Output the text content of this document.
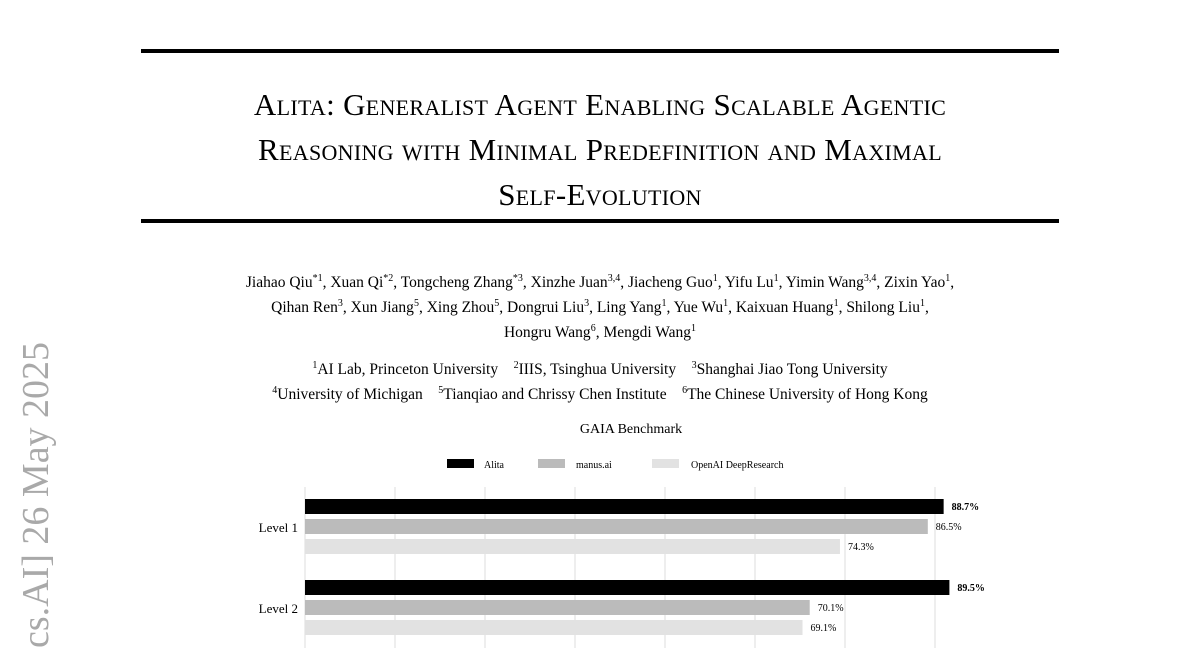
Alita: Generalist Agent Enabling Scalable Agentic
Reasoning with Minimal Predefinition and Maximal
Self-Evolution
Jiahao Qiu$^{*1}$, Xuan Qi$^{*2}$, Tongcheng Zhang$^{*3}$, Xinzhe Juan$^{3,4}$, Jiacheng Guo$^1$, Yifu Lu$^1$, Yimin Wang$^{3,4}$, Zixin Yao$^1$,
Qihan Ren$^3$, Xun Jiang$^5$, Xing Zhou$^5$, Dongrui Liu$^3$, Ling Yang$^1$, Yue Wu$^1$, Kaixuan Huang$^1$, Shilong Liu$^1$,
Hongru Wang$^6$, Mengdi Wang$^1$
$^1$AI Lab, Princeton University    $^2$IIIS, Tsinghua University    $^3$Shanghai Jiao Tong University
$^4$University of Michigan    $^5$Tianqiao and Chrissy Chen Institute    $^6$The Chinese University of Hong Kong
cs.AI] 26 May 2025	GAIA Benchmark
Alita	manus.ai	OpenAI DeepResearch
Level 1
88.7%
86.5%
74.3%
Level 2
89.5%
70.1%
69.1%
